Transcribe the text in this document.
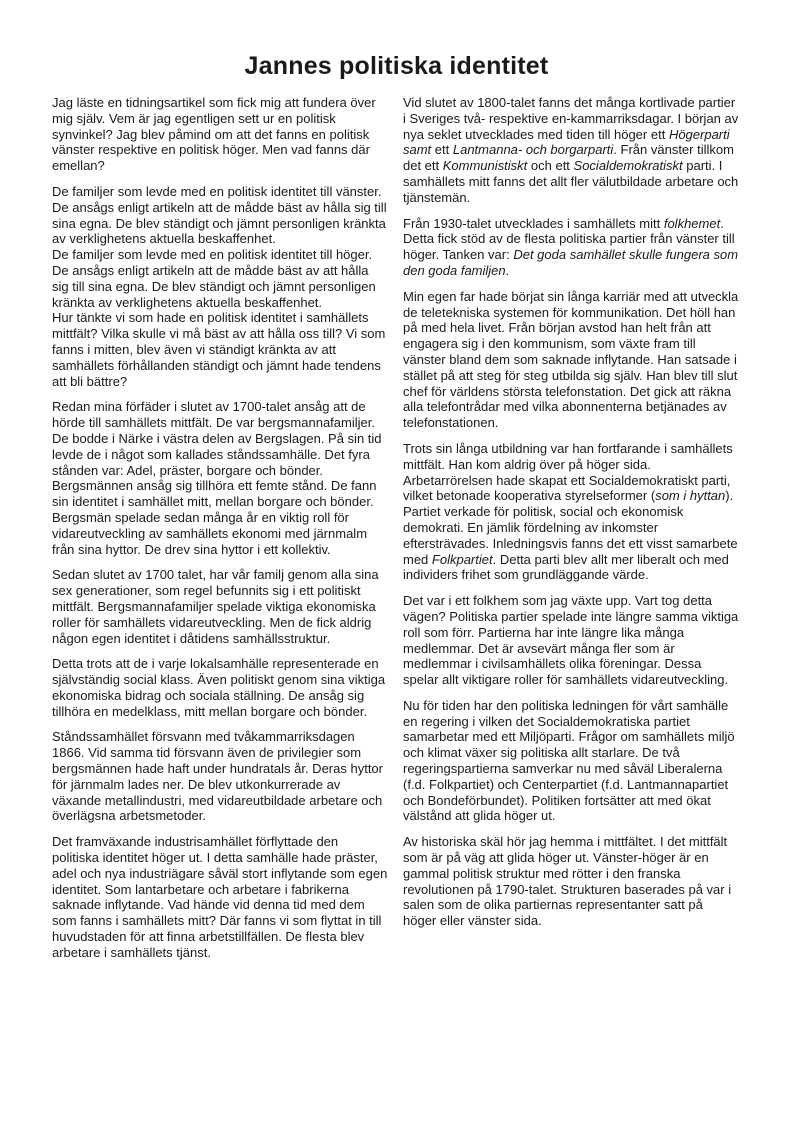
Jannes politiska identitet

Jag läste en tidningsartikel som fick mig att fundera över mig själv. Vem är jag egentligen sett ur en politisk synvinkel? Jag blev påmind om att det fanns en politisk vänster respektive en politisk höger. Men vad fanns där emellan?

De familjer som levde med en politisk identitet till vänster. De ansågs enligt artikeln att de mådde bäst av hålla sig till sina egna. De blev ständigt och jämnt personligen kränkta av verklighetens aktuella beskaffenhet.
De familjer som levde med en politisk identitet till höger. De ansågs enligt artikeln att de mådde bäst av att hålla sig till sina egna. De blev ständigt och jämnt personligen kränkta av verklighetens aktuella beskaffenhet.
Hur tänkte vi som hade en politisk identitet i samhällets mittfält? Vilka skulle vi må bäst av att hålla oss till? Vi som fanns i mitten, blev även vi ständigt kränkta av att samhällets förhållanden ständigt och jämnt hade tendens att bli bättre?

Redan mina förfäder i slutet av 1700-talet ansåg att de hörde till samhällets mittfält. De var bergsmannafamiljer. De bodde i Närke i västra delen av Bergslagen. På sin tid levde de i något som kallades ståndssamhälle. Det fyra stånden var: Adel, präster, borgare och bönder. Bergsmännen ansåg sig tillhöra ett femte stånd. De fann sin identitet i samhället mitt, mellan borgare och bönder. Bergsmän spelade sedan många år en viktig roll för vidareutveckling av samhällets ekonomi med järnmalm från sina hyttor. De drev sina hyttor i ett kollektiv.

Sedan slutet av 1700 talet, har vår familj genom alla sina sex generationer, som regel befunnits sig i ett politiskt mittfält. Bergsmannafamiljer spelade viktiga ekonomiska roller för samhällets vidareutveckling. Men de fick aldrig någon egen identitet i dåtidens samhällsstruktur.

Detta trots att de i varje lokalsamhälle representerade en självständig social klass. Även politiskt genom sina viktiga ekonomiska bidrag och sociala ställning. De ansåg sig tillhöra en medelklass, mitt mellan borgare och bönder.

Ståndssamhället försvann med tvåkammarriksdagen 1866. Vid samma tid försvann även de privilegier som bergsmännen hade haft under hundratals år. Deras hyttor för järnmalm lades ner. De blev utkonkurrerade av växande metallindustri, med vidareutbildade arbetare och överlägsna arbetsmetoder.

Det framväxande industrisamhället förflyttade den politiska identitet höger ut. I detta samhälle hade präster, adel och nya industriägare såväl stort inflytande som egen identitet. Som lantarbetare och arbetare i fabrikerna saknade inflytande. Vad hände vid denna tid med dem som fanns i samhällets mitt? Där fanns vi som flyttat in till huvudstaden för att finna arbetstillfällen. De flesta blev arbetare i samhällets tjänst.

Vid slutet av 1800-talet fanns det många kortlivade partier i Sveriges två- respektive en-kammarriksdagar. I början av nya seklet utvecklades med tiden till höger ett Högerparti samt ett Lantmanna- och borgarparti. Från vänster tillkom det ett Kommunistiskt och ett Socialdemokratiskt parti. I samhällets mitt fanns det allt fler välutbildade arbetare och tjänstemän.

Från 1930-talet utvecklades i samhällets mitt folkhemet. Detta fick stöd av de flesta politiska partier från vänster till höger. Tanken var: Det goda samhället skulle fungera som den goda familjen.

Min egen far hade börjat sin långa karriär med att utveckla de teletekniska systemen för kommunikation. Det höll han på med hela livet. Från början avstod han helt från att engagera sig i den kommunism, som växte fram till vänster bland dem som saknade inflytande. Han satsade i stället på att steg för steg utbilda sig själv. Han blev till slut chef för världens största telefonstation. Det gick att räkna alla telefontrådar med vilka abonnenterna betjänades av telefonstationen.

Trots sin långa utbildning var han fortfarande i samhällets mittfält. Han kom aldrig över på höger sida. Arbetarrörelsen hade skapat ett Socialdemokratiskt parti, vilket betonade kooperativa styrelseformer (som i hyttan). Partiet verkade för politisk, social och ekonomisk demokrati. En jämlik fördelning av inkomster eftersträvades. Inledningsvis fanns det ett visst samarbete med Folkpartiet. Detta parti blev allt mer liberalt och med individers frihet som grundläggande värde.

Det var i ett folkhem som jag växte upp. Vart tog detta vägen? Politiska partier spelade inte längre samma viktiga roll som förr. Partierna har inte längre lika många medlemmar. Det är avsevärt många fler som är medlemmar i civilsamhällets olika föreningar. Dessa spelar allt viktigare roller för samhällets vidareutveckling.

Nu för tiden har den politiska ledningen för vårt samhälle en regering i vilken det Socialdemokratiska partiet samarbetar med ett Miljöparti. Frågor om samhällets miljö och klimat växer sig politiska allt starlare. De två regeringspartierna samverkar nu med såväl Liberalerna (f.d. Folkpartiet) och Centerpartiet (f.d. Lantmannapartiet och Bondeförbundet). Politiken fortsätter att med ökat välstånd att glida höger ut.

Av historiska skäl hör jag hemma i mittfältet. I det mittfält som är på väg att glida höger ut. Vänster-höger är en gammal politisk struktur med rötter i den franska revolutionen på 1790-talet. Strukturen baserades på var i salen som de olika partiernas representanter satt på höger eller vänster sida.
